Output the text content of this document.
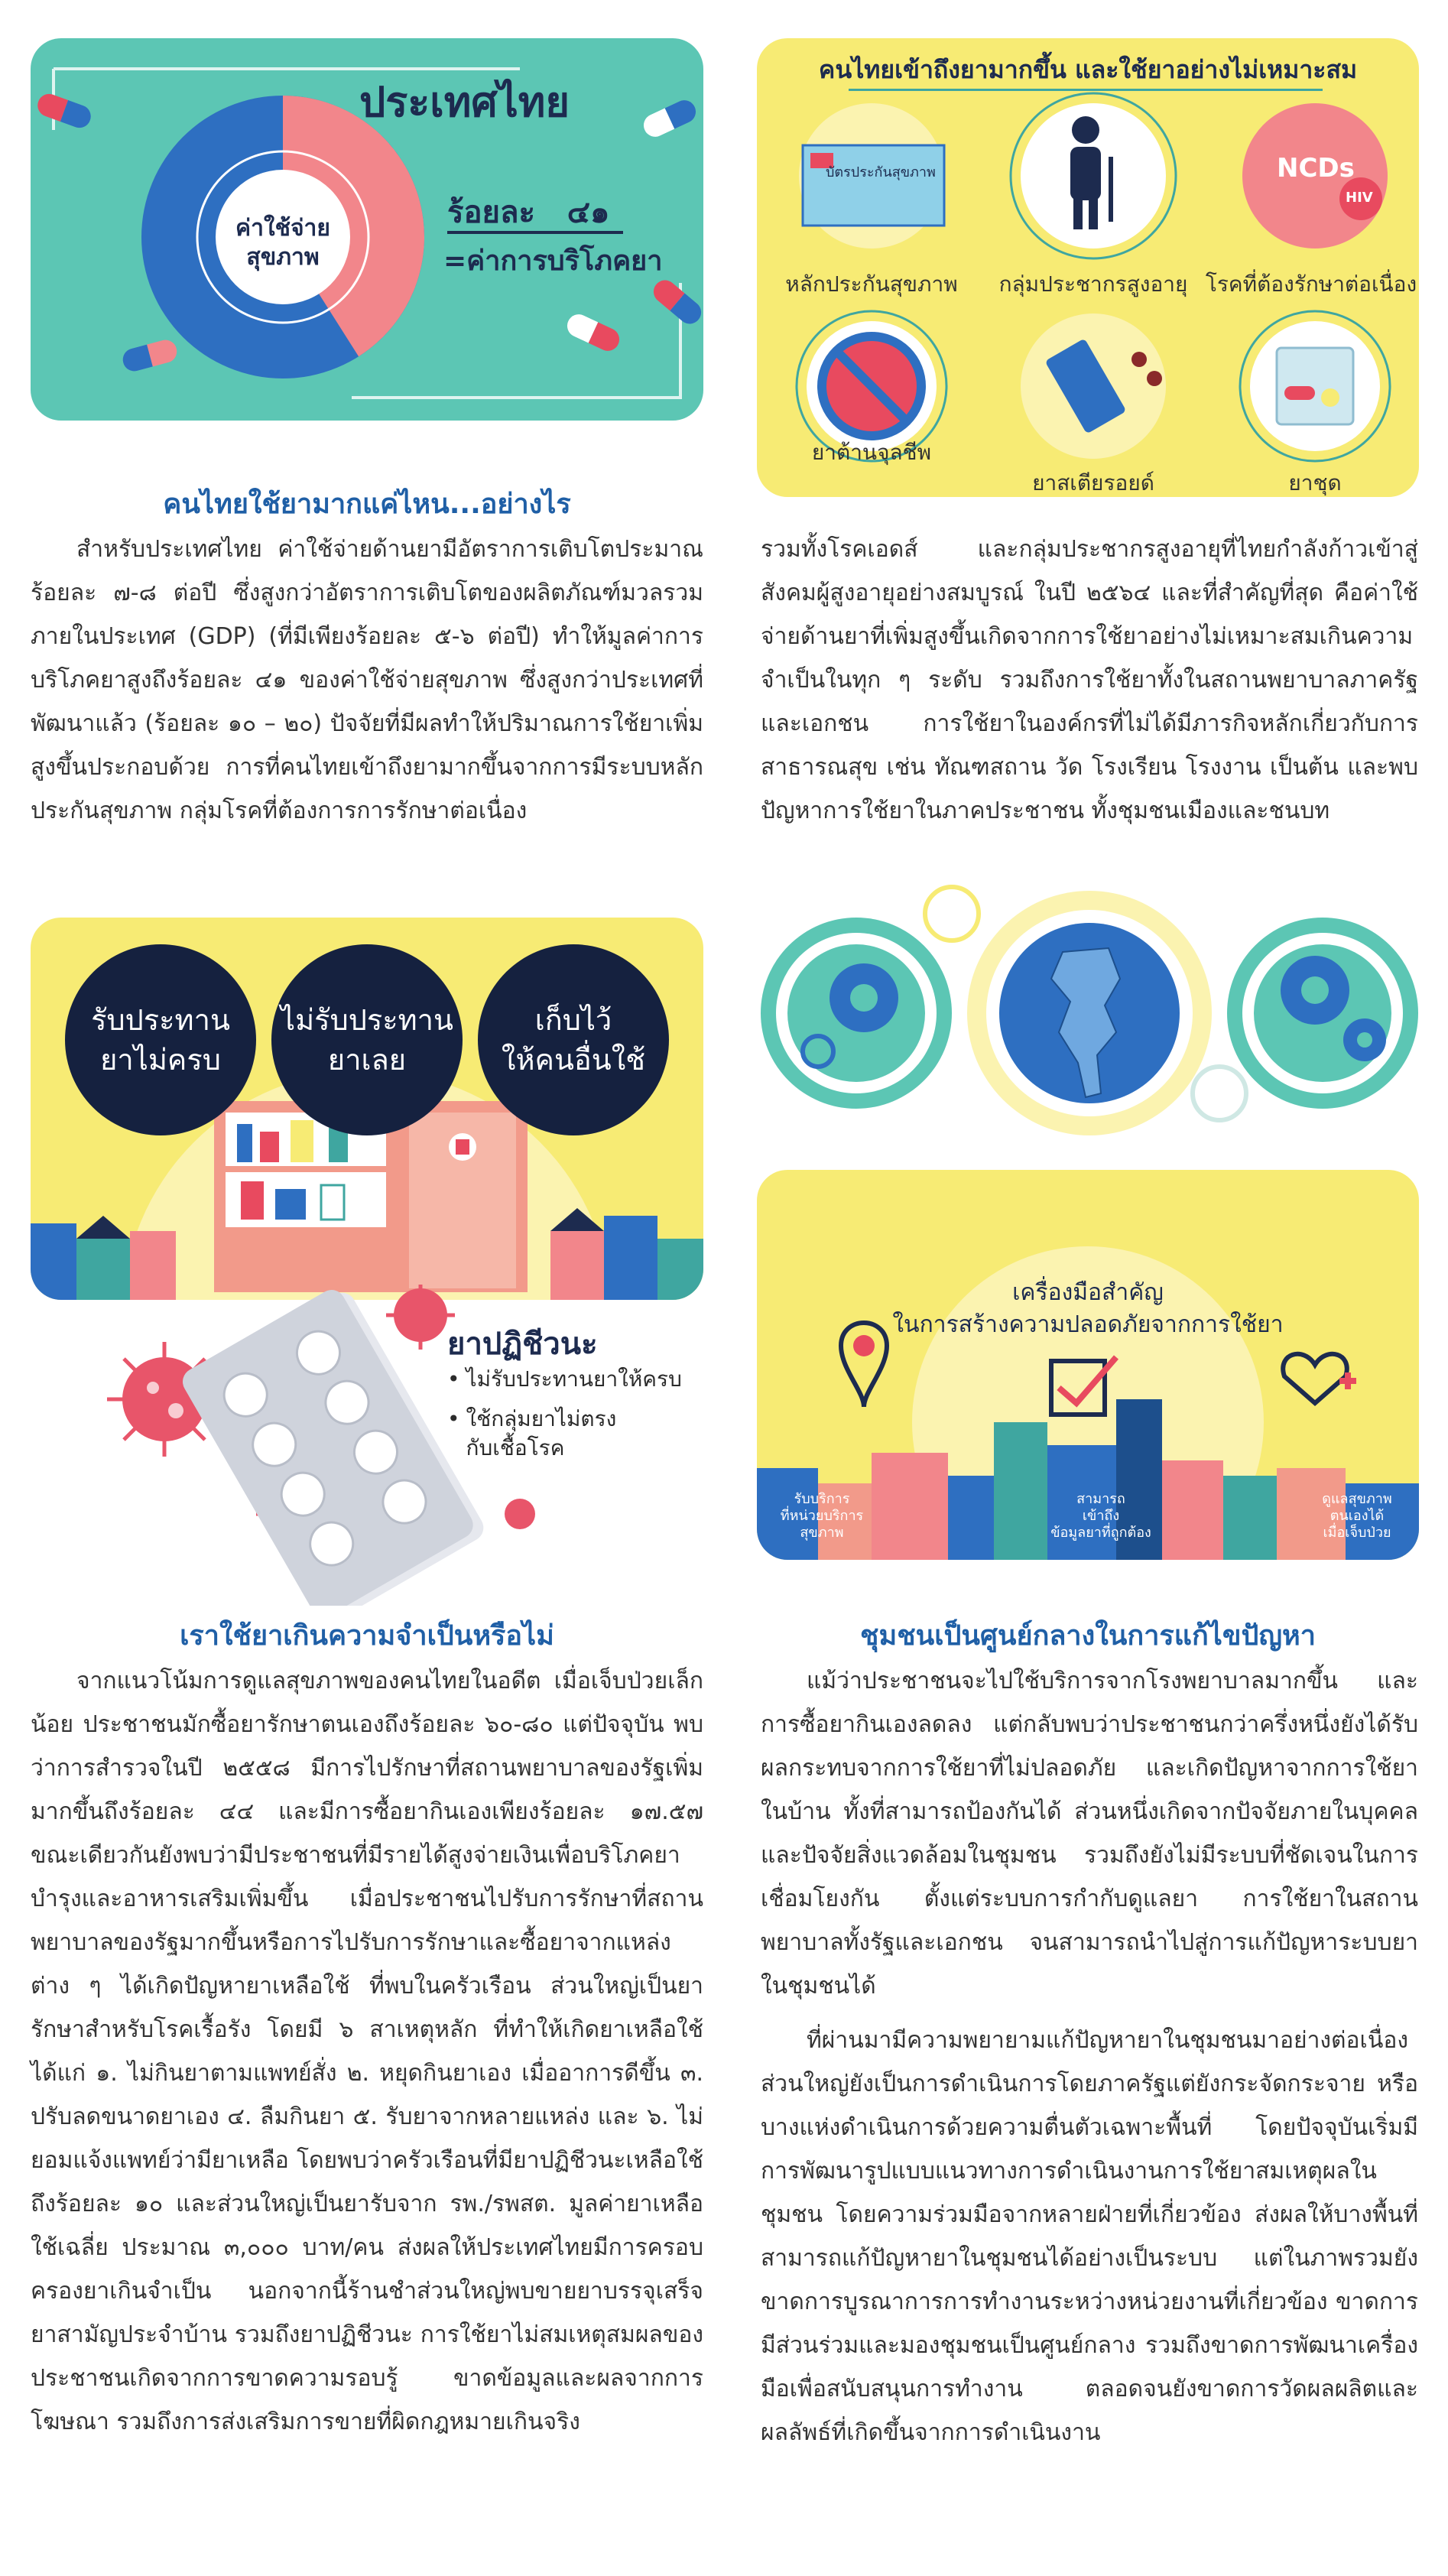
ค่าใช้จ่าย
สุขภาพ
ประเทศไทย
ร้อยละ   ๔๑
=ค่าการบริโภคยา
คนไทยเข้าถึงยามากขึ้น และใช้ยาอย่างไม่เหมาะสม
บัตรประกันสุขภาพ	NCDs
HIV
หลักประกันสุขภาพ	กลุ่มประชากรสูงอายุ โรคที่ต้องรักษาต่อเนื่อง
ยาต้านจุลชีพ
ยาสเตียรอยด์	ยาชุด
คนไทยใช้ยามากแค่ไหน...อย่างไร

สำหรับประเทศไทย ค่าใช้จ่ายด้านยามีอัตราการเติบโตประมาณร้อยละ ๗-๘ ต่อปี ซึ่งสูงกว่าอัตราการเติบโตของผลิตภัณฑ์มวลรวมภายในประเทศ (GDP) (ที่มีเพียงร้อยละ ๕-๖ ต่อปี) ทำให้มูลค่าการบริโภคยาสูงถึงร้อยละ ๔๑ ของค่าใช้จ่ายสุขภาพ ซึ่งสูงกว่าประเทศที่พัฒนาแล้ว (ร้อยละ ๑๐ – ๒๐) ปัจจัยที่มีผลทำให้ปริมาณการใช้ยาเพิ่มสูงขึ้นประกอบด้วย การที่คนไทยเข้าถึงยามากขึ้นจากการมีระบบหลักประกันสุขภาพ กลุ่มโรคที่ต้องการการรักษาต่อเนื่อง

รวมทั้งโรคเอดส์ และกลุ่มประชากรสูงอายุที่ไทยกำลังก้าวเข้าสู่สังคมผู้สูงอายุอย่างสมบูรณ์ ในปี ๒๕๖๔ และที่สำคัญที่สุด คือค่าใช้จ่ายด้านยาที่เพิ่มสูงขึ้นเกิดจากการใช้ยาอย่างไม่เหมาะสมเกินความจำเป็นในทุก ๆ ระดับ รวมถึงการใช้ยาทั้งในสถานพยาบาลภาครัฐและเอกชน การใช้ยาในองค์กรที่ไม่ได้มีภารกิจหลักเกี่ยวกับการสาธารณสุข เช่น ทัณฑสถาน วัด โรงเรียน โรงงาน เป็นต้น และพบปัญหาการใช้ยาในภาคประชาชน ทั้งชุมชนเมืองและชนบท

รับประทาน
ยาไม่ครบ
ไม่รับประทาน
ยาเลย
เก็บไว้
ให้คนอื่นใช้
ยาปฏิชีวนะ
• ไม่รับประทานยาให้ครบ
• ใช้กลุ่มยาไม่ตรง
กับเชื้อโรค
เครื่องมือสำคัญ
ในการสร้างความปลอดภัยจากการใช้ยา
รับบริการ
ที่หน่วยบริการ
สุขภาพ
สามารถ
เข้าถึง
ข้อมูลยาที่ถูกต้อง
ดูแลสุขภาพ
ตนเองได้
เมื่อเจ็บป่วย
เราใช้ยาเกินความจำเป็นหรือไม่

จากแนวโน้มการดูแลสุขภาพของคนไทยในอดีต เมื่อเจ็บป่วยเล็กน้อย ประชาชนมักซื้อยารักษาตนเองถึงร้อยละ ๖๐-๘๐ แต่ปัจจุบัน พบว่าการสำรวจในปี ๒๕๕๘ มีการไปรักษาที่สถานพยาบาลของรัฐเพิ่มมากขึ้นถึงร้อยละ ๔๔ และมีการซื้อยากินเองเพียงร้อยละ ๑๗.๕๗ ขณะเดียวกันยังพบว่ามีประชาชนที่มีรายได้สูงจ่ายเงินเพื่อบริโภคยาบำรุงและอาหารเสริมเพิ่มขึ้น เมื่อประชาชนไปรับการรักษาที่สถานพยาบาลของรัฐมากขึ้นหรือการไปรับการรักษาและซื้อยาจากแหล่งต่าง ๆ ได้เกิดปัญหายาเหลือใช้ ที่พบในครัวเรือน ส่วนใหญ่เป็นยารักษาสำหรับโรคเรื้อรัง โดยมี ๖ สาเหตุหลัก ที่ทำให้เกิดยาเหลือใช้ ได้แก่ ๑. ไม่กินยาตามแพทย์สั่ง ๒. หยุดกินยาเอง เมื่ออาการดีขึ้น ๓. ปรับลดขนาดยาเอง ๔. ลืมกินยา ๕. รับยาจากหลายแหล่ง และ ๖. ไม่ยอมแจ้งแพทย์ว่ามียาเหลือ โดยพบว่าครัวเรือนที่มียาปฏิชีวนะเหลือใช้ถึงร้อยละ ๑๐ และส่วนใหญ่เป็นยารับจาก รพ./รพสต. มูลค่ายาเหลือใช้เฉลี่ย ประมาณ ๓,๐๐๐ บาท/คน ส่งผลให้ประเทศไทยมีการครอบครองยาเกินจำเป็น นอกจากนี้ร้านชำส่วนใหญ่พบขายยาบรรจุเสร็จ ยาสามัญประจำบ้าน รวมถึงยาปฏิชีวนะ การใช้ยาไม่สมเหตุสมผลของประชาชนเกิดจากการขาดความรอบรู้ ขาดข้อมูลและผลจากการโฆษณา รวมถึงการส่งเสริมการขายที่ผิดกฎหมายเกินจริง

ชุมชนเป็นศูนย์กลางในการแก้ไขปัญหา

แม้ว่าประชาชนจะไปใช้บริการจากโรงพยาบาลมากขึ้น และการซื้อยากินเองลดลง แต่กลับพบว่าประชาชนกว่าครึ่งหนึ่งยังได้รับผลกระทบจากการใช้ยาที่ไม่ปลอดภัย และเกิดปัญหาจากการใช้ยาในบ้าน ทั้งที่สามารถป้องกันได้ ส่วนหนึ่งเกิดจากปัจจัยภายในบุคคลและปัจจัยสิ่งแวดล้อมในชุมชน รวมถึงยังไม่มีระบบที่ชัดเจนในการเชื่อมโยงกัน ตั้งแต่ระบบการกำกับดูแลยา การใช้ยาในสถานพยาบาลทั้งรัฐและเอกชน จนสามารถนำไปสู่การแก้ปัญหาระบบยาในชุมชนได้

ที่ผ่านมามีความพยายามแก้ปัญหายาในชุมชนมาอย่างต่อเนื่อง ส่วนใหญ่ยังเป็นการดำเนินการโดยภาครัฐแต่ยังกระจัดกระจาย หรือบางแห่งดำเนินการด้วยความตื่นตัวเฉพาะพื้นที่ โดยปัจจุบันเริ่มมีการพัฒนารูปแบบแนวทางการดำเนินงานการใช้ยาสมเหตุผลในชุมชน โดยความร่วมมือจากหลายฝ่ายที่เกี่ยวข้อง ส่งผลให้บางพื้นที่สามารถแก้ปัญหายาในชุมชนได้อย่างเป็นระบบ แต่ในภาพรวมยังขาดการบูรณาการการทำงานระหว่างหน่วยงานที่เกี่ยวข้อง ขาดการมีส่วนร่วมและมองชุมชนเป็นศูนย์กลาง รวมถึงขาดการพัฒนาเครื่องมือเพื่อสนับสนุนการทำงาน ตลอดจนยังขาดการวัดผลผลิตและผลลัพธ์ที่เกิดขึ้นจากการดำเนินงาน
